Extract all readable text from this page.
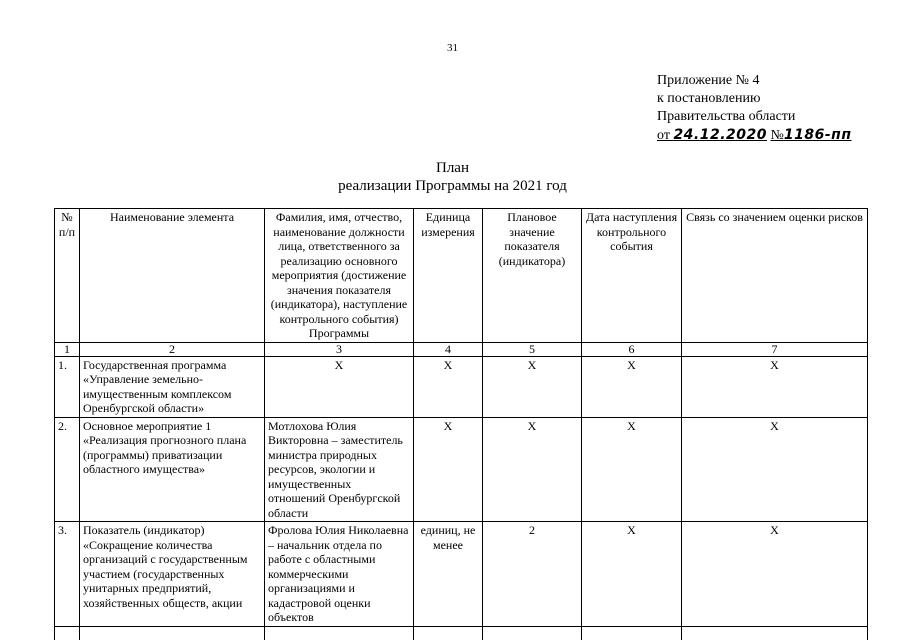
31
Приложение № 4
к постановлению
Правительства области
от 24.12.2020 №1186-пп
План
реализации Программы на 2021 год
№ п/п	Наименование элемента	Фамилия, имя, отчество, наименование должности лица, ответственного за реализацию основного мероприятия (достижение значения показателя (индикатора), наступление контрольного события) Программы	Единица измерения	Плановое значение показателя (индикатора)	Дата наступления контрольного события	Связь со значением оценки рисков
1	2	3	4	5	6	7
1.	Государственная программа «Управление земельно-имущественным комплексом Оренбургской области»	Х	Х	Х	Х	Х
2.	Основное мероприятие 1 «Реализация прогнозного плана (программы) приватизации областного имущества»	Мотлохова Юлия Викторовна – заместитель министра природных ресурсов, экологии и имущественных отношений Оренбургской области	Х	Х	Х	Х
3.	Показатель (индикатор) «Сокращение количества организаций с государственным участием (государственных унитарных предприятий, хозяйственных обществ, акции	Фролова Юлия Николаевна – начальник отдела по работе с областными коммерческими организациями и кадастровой оценки объектов	единиц, не менее	2	Х	Х
